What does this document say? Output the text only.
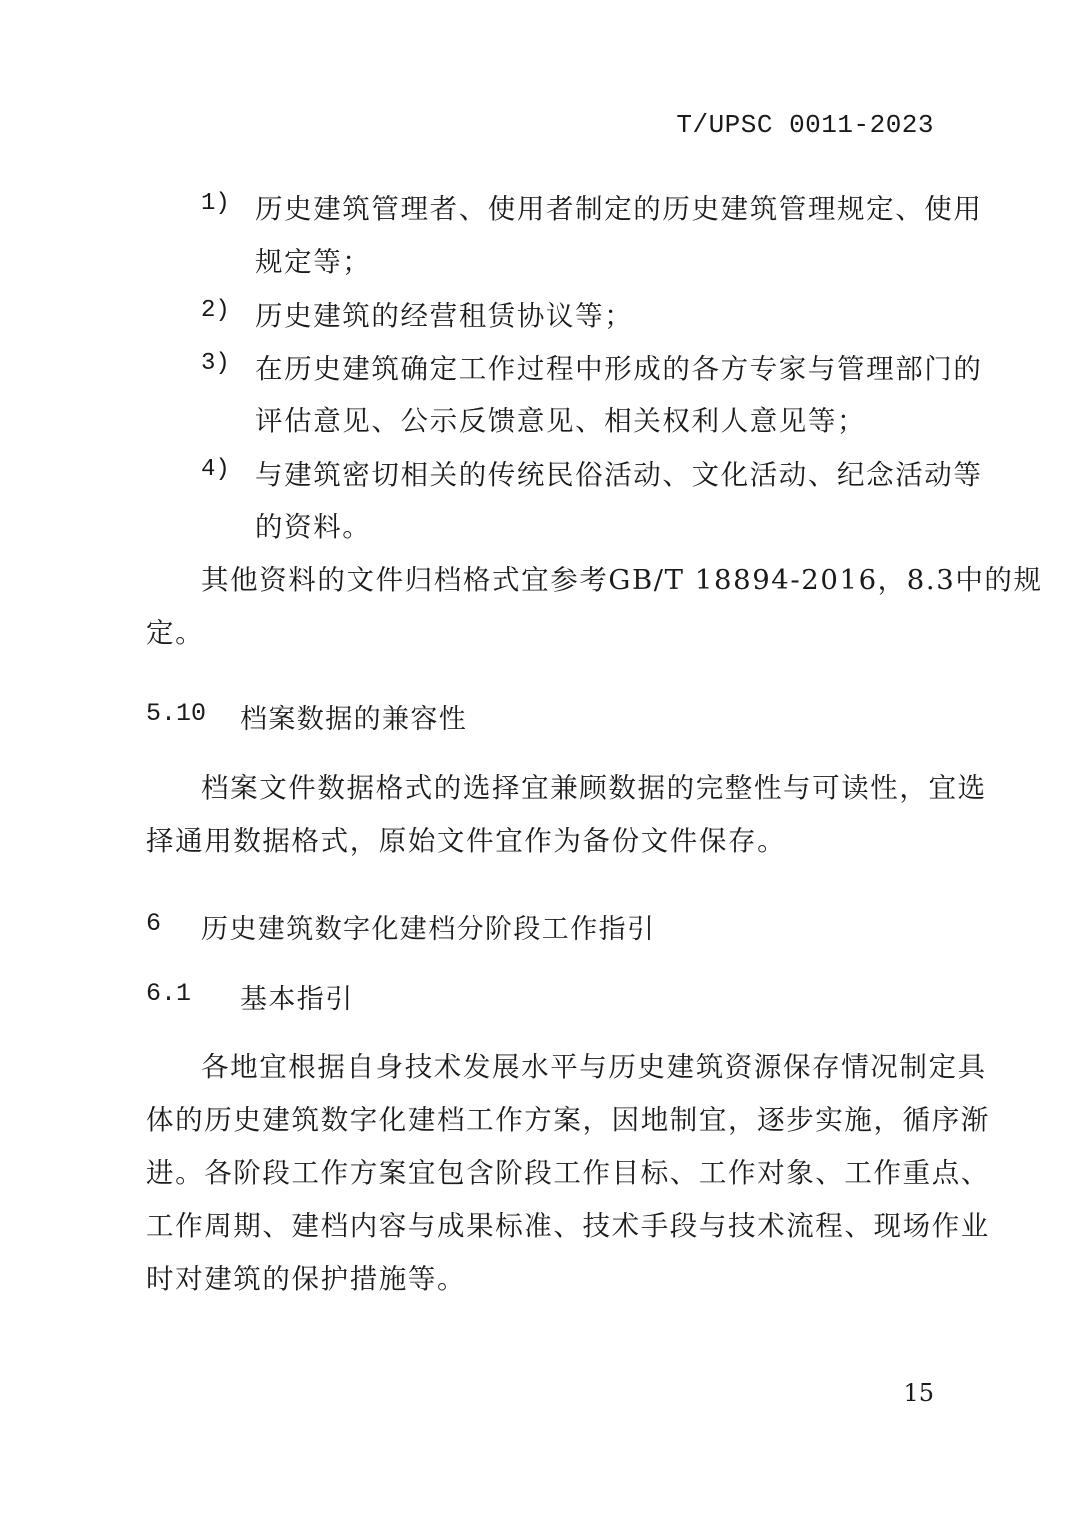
T/UPSC 0011-2023
1) 历史建筑管理者、使用者制定的历史建筑管理规定、使用
规定等；
2) 历史建筑的经营租赁协议等；
3) 在历史建筑确定工作过程中形成的各方专家与管理部门的
评估意见、公示反馈意见、相关权利人意见等；
4) 与建筑密切相关的传统民俗活动、文化活动、纪念活动等
的资料。
其他资料的文件归档格式宜参考GB/T 18894-2016，8.3中的规
定。
5.10 档案数据的兼容性
档案文件数据格式的选择宜兼顾数据的完整性与可读性，宜选
择通用数据格式，原始文件宜作为备份文件保存。
6 历史建筑数字化建档分阶段工作指引
6.1 基本指引
各地宜根据自身技术发展水平与历史建筑资源保存情况制定具
体的历史建筑数字化建档工作方案，因地制宜，逐步实施，循序渐
进。各阶段工作方案宜包含阶段工作目标、工作对象、工作重点、
工作周期、建档内容与成果标准、技术手段与技术流程、现场作业
时对建筑的保护措施等。
15
